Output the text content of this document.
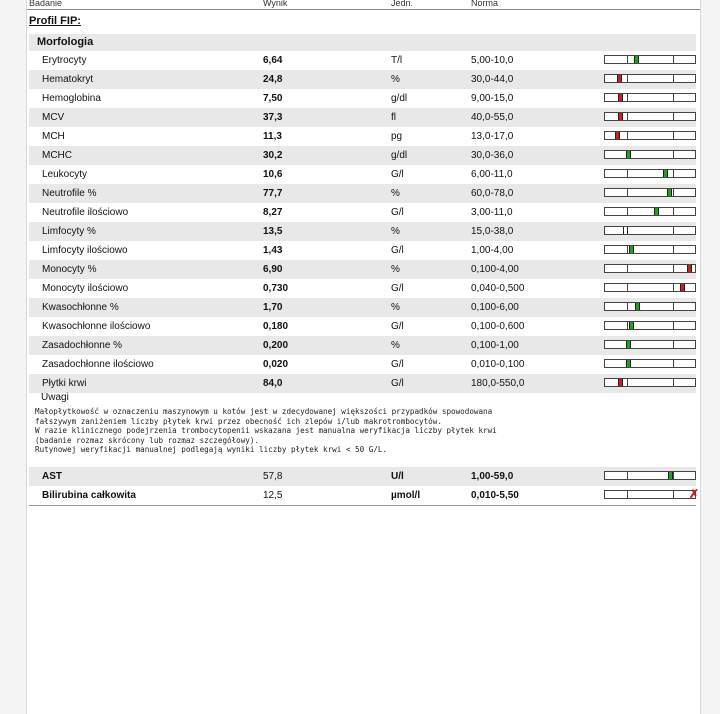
Badanie	Wynik	Jedn.	Norma
Profil FIP:
Morfologia
Erytrocyty	6,64	T/l	5,00-10,0
Hematokryt	24,8	%	30,0-44,0
Hemoglobina	7,50	g/dl	9,00-15,0
MCV	37,3	fl	40,0-55,0
MCH	11,3	pg	13,0-17,0
MCHC	30,2	g/dl	30,0-36,0
Leukocyty	10,6	G/l	6,00-11,0
Neutrofile %	77,7	%	60,0-78,0
Neutrofile ilościowo	8,27	G/l	3,00-11,0
Limfocyty %	13,5	%	15,0-38,0
Limfocyty ilościowo	1,43	G/l	1,00-4,00
Monocyty %	6,90	%	0,100-4,00
Monocyty ilościowo	0,730	G/l	0,040-0,500
Kwasochłonne %	1,70	%	0,100-6,00
Kwasochłonne ilościowo	0,180	G/l	0,100-0,600
Zasadochłonne %	0,200	%	0,100-1,00
Zasadochłonne ilościowo	0,020	G/l	0,010-0,100
Płytki krwi	84,0	G/l	180,0-550,0
Uwagi
Małopłytkowość w oznaczeniu maszynowym u kotów jest w zdecydowanej większości przypadków spowodowana
fałszywym zaniżeniem liczby płytek krwi przez obecność ich zlepów i/lub makrotrombocytów.
W razie klinicznego podejrzenia trombocytopenii wskazana jest manualna weryfikacja liczby płytek krwi
(badanie rozmaz skrócony lub rozmaz szczegółowy).
Rutynowej weryfikacji manualnej podlegają wyniki liczby płytek krwi < 50 G/L.
AST	57,8	U/l	1,00-59,0
Bilirubina całkowita	12,5	µmol/l	0,010-5,50	✗
